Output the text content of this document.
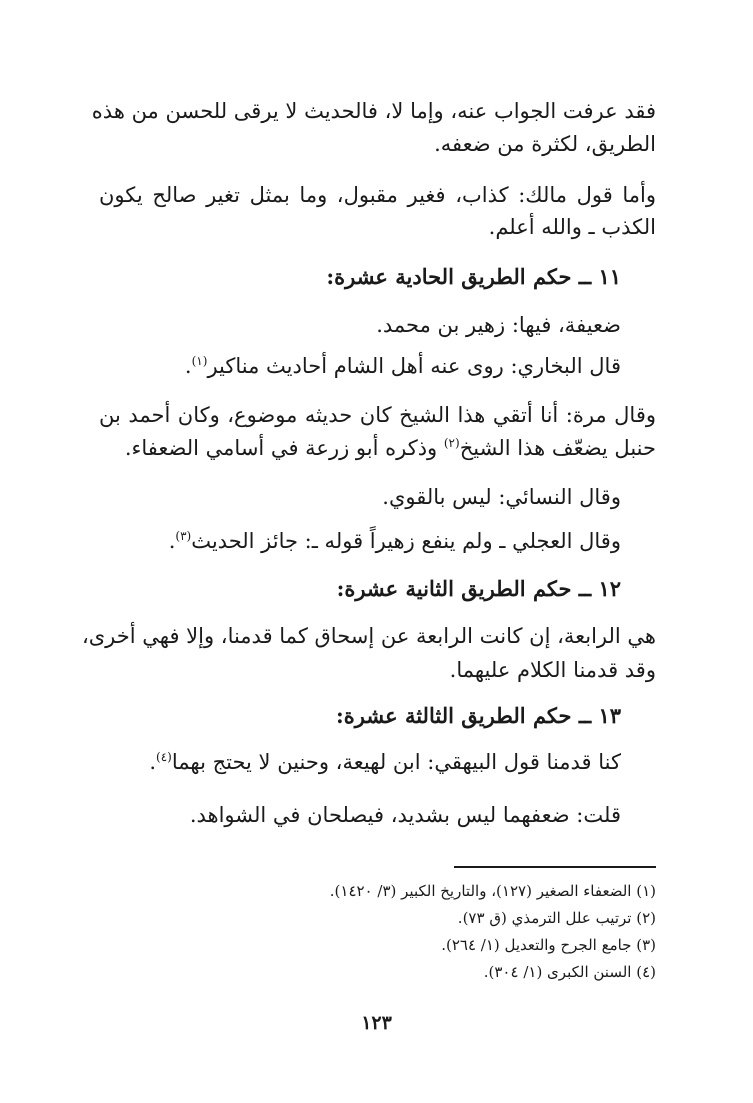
فقد عرفت الجواب عنه، وإما لا، فالحديث لا يرقى للحسن من هذه
الطريق، لكثرة من ضعفه.
وأما قول مالك: كذاب، فغير مقبول، وما بمثل تغير صالح يكون
الكذب ـ والله أعلم.
١١ ــ حكم الطريق الحادية عشرة:
ضعيفة، فيها: زهير بن محمد.
قال البخاري: روى عنه أهل الشام أحاديث مناكير$^{(١)}$.
وقال مرة: أنا أتقي هذا الشيخ كان حديثه موضوع، وكان أحمد بن
حنبل يضعّف هذا الشيخ$^{(٢)}$ وذكره أبو زرعة في أسامي الضعفاء.
وقال النسائي: ليس بالقوي.
وقال العجلي ـ ولم ينفع زهيراً قوله ـ: جائز الحديث$^{(٣)}$.
١٢ ــ حكم الطريق الثانية عشرة:
هي الرابعة، إن كانت الرابعة عن إسحاق كما قدمنا، وإلا فهي أخرى،
وقد قدمنا الكلام عليهما.
١٣ ــ حكم الطريق الثالثة عشرة:
كنا قدمنا قول البيهقي: ابن لهيعة، وحنين لا يحتج بهما$^{(٤)}$.
قلت: ضعفهما ليس بشديد، فيصلحان في الشواهد.
(١) الضعفاء الصغير (١٢٧)، والتاريخ الكبير (٣/ ١٤٢٠).
(٢) ترتيب علل الترمذي (ق ٧٣).
(٣) جامع الجرح والتعديل (١/ ٢٦٤).
(٤) السنن الكبرى (١/ ٣٠٤).
١٢٣
